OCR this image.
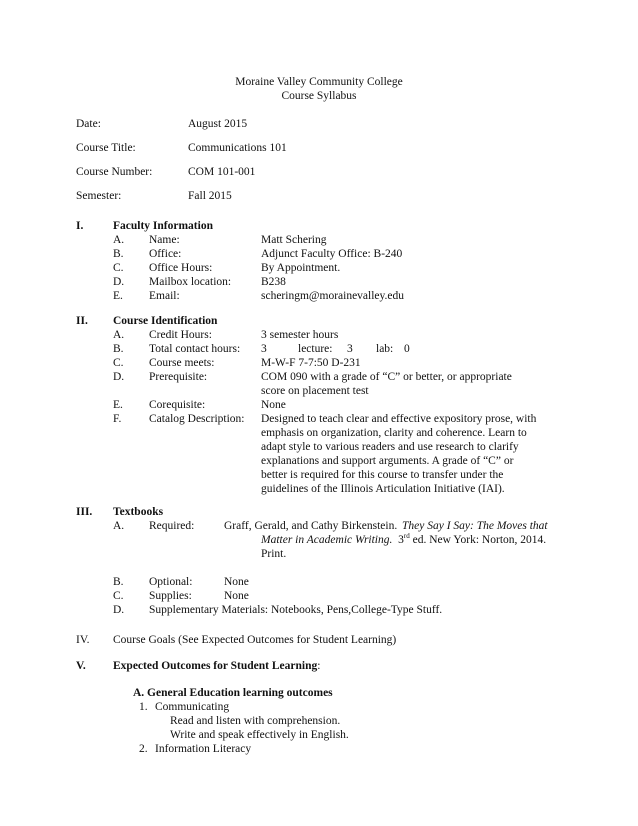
Moraine Valley Community College
Course Syllabus
Date:	August 2015
Course Title:	Communications 101
Course Number:	COM 101-001
Semester:	Fall 2015
I.	Faculty Information
A. Name:	Matt Schering
B. Office:	Adjunct Faculty Office: B-240
C. Office Hours:	By Appointment.
D. Mailbox location:	B238
E. Email:	scheringm@morainevalley.edu
II. Course Identification
A. Credit Hours:	3 semester hours
B. Total contact hours: 3	lecture: 3 lab: 0
C. Course meets:	M-W-F 7-7:50 D-231
D. Prerequisite:	COM 090 with a grade of “C” or better, or appropriate
score on placement test
E. Corequisite:	None
F. Catalog Description: Designed to teach clear and effective expository prose, with
emphasis on organization, clarity and coherence. Learn to
adapt style to various readers and use research to clarify
explanations and support arguments. A grade of “C” or
better is required for this course to transfer under the
guidelines of the Illinois Articulation Initiative (IAI).
III. Textbooks
A. Required:	Graff, Gerald, and Cathy Birkenstein. They Say I Say: The Moves that
Matter in Academic Writing. 3rd ed. New York: Norton, 2014.
Print.
B. Optional:	None
C. Supplies:	None
D. Supplementary Materials: Notebooks, Pens,College-Type Stuff.
IV. Course Goals (See Expected Outcomes for Student Learning)
V. Expected Outcomes for Student Learning:
A. General Education learning outcomes
1. Communicating
Read and listen with comprehension.
Write and speak effectively in English.
2. Information Literacy
